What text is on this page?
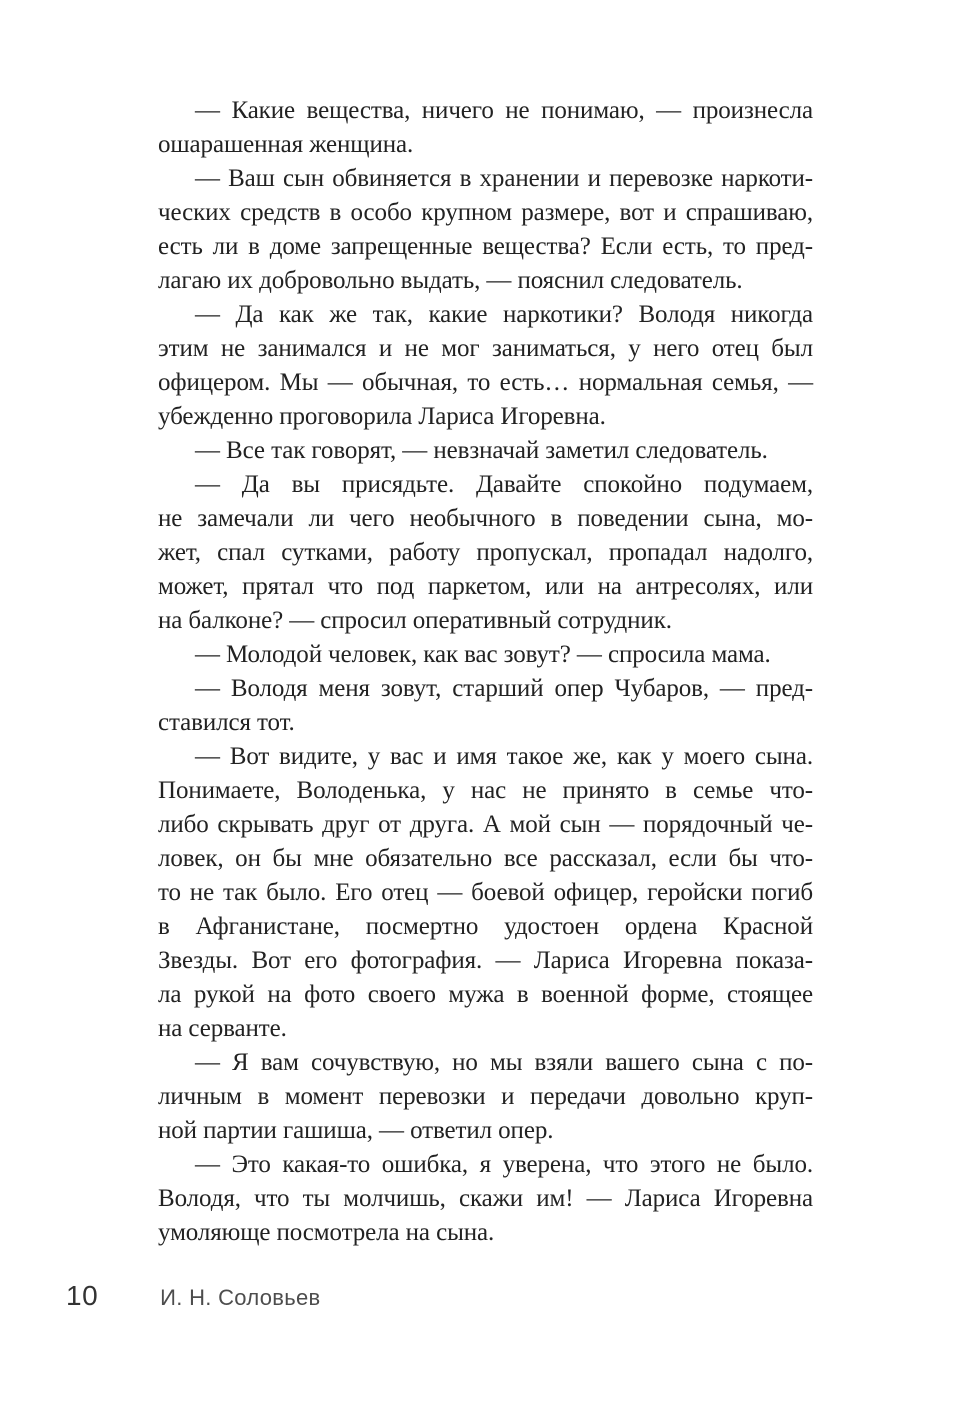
— Какие вещества, ничего не понимаю, — произнесла
ошарашенная женщина.
— Ваш сын обвиняется в хранении и перевозке наркоти-
ческих средств в особо крупном размере, вот и спрашиваю,
есть ли в доме запрещенные вещества? Если есть, то пред-
лагаю их добровольно выдать, — пояснил следователь.
— Да как же так, какие наркотики? Володя никогда
этим не занимался и не мог заниматься, у него отец был
офицером. Мы — обычная, то есть… нормальная семья, —
убежденно проговорила Лариса Игоревна.
— Все так говорят, — невзначай заметил следователь.
— Да вы присядьте. Давайте спокойно подумаем,
не замечали ли чего необычного в поведении сына, мо-
жет, спал сутками, работу пропускал, пропадал надолго,
может, прятал что под паркетом, или на антресолях, или
на балконе? — спросил оперативный сотрудник.
— Молодой человек, как вас зовут? — спросила мама.
— Володя меня зовут, старший опер Чубаров, — пред-
ставился тот.
— Вот видите, у вас и имя такое же, как у моего сына.
Понимаете, Володенька, у нас не принято в семье что-
либо скрывать друг от друга. А мой сын — порядочный че-
ловек, он бы мне обязательно все рассказал, если бы что-
то не так было. Его отец — боевой офицер, геройски погиб
в Афганистане, посмертно удостоен ордена Красной
Звезды. Вот его фотография. — Лариса Игоревна показа-
ла рукой на фото своего мужа в военной форме, стоящее
на серванте.
— Я вам сочувствую, но мы взяли вашего сына с по-
личным в момент перевозки и передачи довольно круп-
ной партии гашиша, — ответил опер.
— Это какая-то ошибка, я уверена, что этого не было.
Володя, что ты молчишь, скажи им! — Лариса Игоревна
умоляюще посмотрела на сына.
10	И. Н. Соловьев
